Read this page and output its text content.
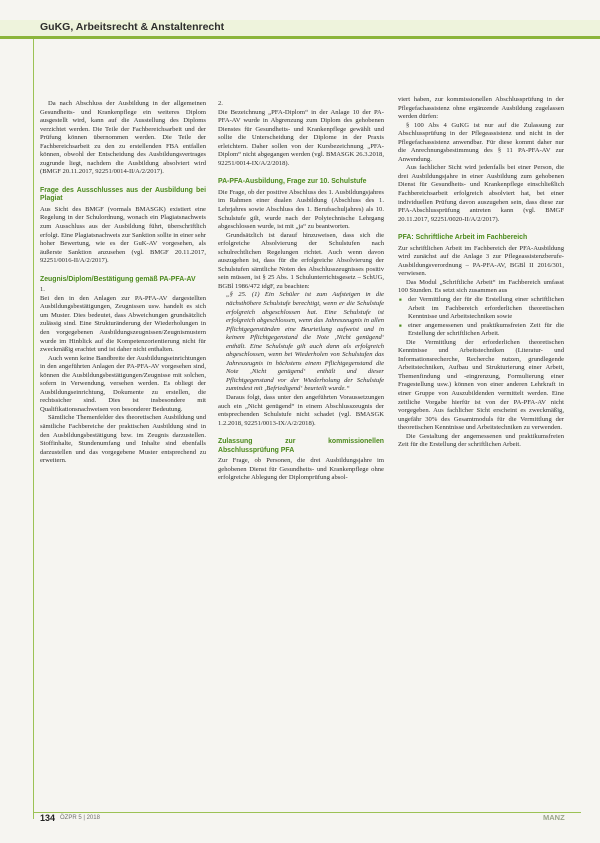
GuKG, Arbeitsrecht & Anstaltenrecht

Da nach Abschluss der Ausbildung in der allgemeinen Gesundheits- und Krankenpflege ein weiteres Diplom ausgestellt wird, kann auf die Ausstellung des Diploms verzichtet werden. Die Teile der Fachbereichsarbeit und der Prüfung können übernommen werden. Die Teile der Fachbereichsarbeit zu den zu erstellenden FBA entfallen können, obwohl der Entscheidung des Ausbildungsvertrages zugrunde liegt, nachdem die Ausbildung absolviert wird (BMGF 20.11.2017, 92251/0014-II/A/2/2017).

Frage des Ausschlusses aus der Ausbildung bei Plagiat

Aus Sicht des BMGF (vormals BMASGK) existiert eine Regelung in der Schulordnung, wonach ein Plagiatsnachweis zum Ausschluss aus der Ausbildung führt, überschriftlich erfolgt. Eine Plagiatsnachweis zur Sanktion sollte in einer sehr hoher Bewertung, wie es der GuK-AV vorgesehen, als äußerste Sanktion anzusehen (vgl. BMGF 20.11.2017, 92251/0016-II/A/2/2017).

Zeugnis/Diplom/Bestätigung gemäß PA-PFA-AV
1.

Bei den in den Anlagen zur PA-PFA-AV dargestellten Ausbildungsbestätigungen, Zeugnissen usw. handelt es sich um Muster. Dies bedeutet, dass Abweichungen grundsätzlich zulässig sind. Eine Strukturänderung der Wiederholungen in den vorgegebenen Ausbildungszeugnissen/Zeugnismustern wurde im Hinblick auf die Kompetenzorientierung nicht für zweckmäßig erachtet und ist daher nicht enthalten.

Auch wenn keine Bandbreite der Ausbildungseinrichtungen in den angeführten Anlagen der PA-PFA-AV vorgesehen sind, können die Ausbildungsbestätigungen/Zeugnisse mit solchen, sofern in Verwendung, versehen werden. Es obliegt der Ausbildungseinrichtung, Dokumente zu erstellen, die rechtssicher sind. Dies ist insbesondere mit Qualifikationsnachweisen von besonderer Bedeutung.

Sämtliche Themenfelder des theoretischen Ausbildung und sämtliche Fachbereiche der praktischen Ausbildung sind in den Ausbildungsbestätigung bzw. im Zeugnis darzustellen. Stoffinhalte, Stundenumfang und Inhalte sind ebenfalls darzustellen und das vorgegebene Muster entsprechend zu erweitern.

2.

Die Bezeichnung „PFA-Diplom“ in der Anlage 10 der PA-PFA-AV wurde in Abgrenzung zum Diplom des gehobenen Dienstes für Gesundheits- und Krankenpflege gewählt und sollte die Unterscheidung der Diplome in der Praxis erleichtern. Daher sollen von der Kursbezeichnung „PFA-Diplom“ nicht abgegangen werden (vgl. BMASGK 26.3.2018, 92251/0014-IX/A/2/2018).

PA-PFA-Ausbildung, Frage zur 10. Schulstufe

Die Frage, ob der positive Abschluss des 1. Ausbildungsjahres im Rahmen einer dualen Ausbildung (Abschluss des 1. Lehrjahres sowie Abschluss des 1. Berufsschuljahres) als 10. Schulstufe gilt, wurde nach der Polytechnische Lehrgang abgeschlossen wurde, ist mit „ja“ zu beantworten.

Grundsätzlich ist darauf hinzuweisen, dass sich die erfolgreiche Absolvierung der Schulstufen nach schulrechtlichen Regelungen richtet. Auch wenn davon auszugehen ist, dass für die erfolgreiche Absolvierung der Schulstufen sämtliche Noten des Abschlusszeugnisses positiv sein müssen, ist § 25 Abs. 1 Schulunterrichtsgesetz – SchUG, BGBl 1986/472 idgF, zu beachten:

„§ 25. (1) Ein Schüler ist zum Aufsteigen in die nächsthöhere Schulstufe berechtigt, wenn er die Schulstufe erfolgreich abgeschlossen hat. Eine Schulstufe ist erfolgreich abgeschlossen, wenn das Jahreszeugnis in allen Pflichtgegenständen eine Beurteilung aufweist und in keinem Pflichtgegenstand die Note ‚Nicht genügend‘ enthält. Eine Schulstufe gilt auch dann als erfolgreich abgeschlossen, wenn bei Wiederholen von Schulstufen das Jahreszeugnis in höchstens einem Pflichtgegenstand die Note ‚Nicht genügend‘ enthält und dieser Pflichtgegenstand vor der Wiederholung der Schulstufe zumindest mit ‚Befriedigend‘ beurteilt wurde.“

Daraus folgt, dass unter den angeführten Voraussetzungen auch ein „Nicht genügend“ in einem Abschlusszeugnis der entsprechenden Schulstufe nicht schadet (vgl. BMASGK 1.2.2018, 92251/0013-IX/A/2/2018).

Zulassung zur kommissionellen Abschlussprüfung PFA

Zur Frage, ob Personen, die drei Ausbildungsjahre im gehobenen Dienst für Gesundheits- und Krankenpflege ohne erfolgreiche Ablegung der Diplomprüfung absol-

viert haben, zur kommissionellen Abschlussprüfung in der Pflegefachassistenz ohne ergänzende Ausbildung zugelassen werden dürfen:

§ 100 Abs 4 GuKG ist nur auf die Zulassung zur Abschlussprüfung in der Pflegeassistenz und nicht in der Pflegefachassistenz anwendbar. Für diese kommt daher nur die Anrechnungsbestimmung des § 11 PA-PFA-AV zur Anwendung.

Aus fachlicher Sicht wird jedenfalls bei einer Person, die drei Ausbildungsjahre in einer Ausbildung zum gehobenen Dienst für Gesundheits- und Krankenpflege einschließlich Fachbereichsarbeit erfolgreich absolviert hat, bei einer individuellen Prüfung davon auszugehen sein, dass diese zur PFA-Abschlussprüfung antreten kann (vgl. BMGF 20.11.2017, 92251/0020-II/A/2/2017).

PFA: Schriftliche Arbeit im Fachbereich

Zur schriftlichen Arbeit im Fachbereich der PFA-Ausbildung wird zunächst auf die Anlage 3 zur Pflegeassistenzberufe-Ausbildungsverordnung – PA-PFA-AV, BGBl II 2016/301, verwiesen.

Das Modul „Schriftliche Arbeit“ im Fachbereich umfasst 100 Stunden. Es setzt sich zusammen aus

■ der Vermittlung der für die Erstellung einer schriftlichen Arbeit im Fachbereich erforderlichen theoretischen Kenntnisse und Arbeitstechniken sowie
■ einer angemessenen und praktikumsfreien Zeit für die Erstellung der schriftlichen Arbeit.

Die Vermittlung der erforderlichen theoretischen Kenntnisse und Arbeitstechniken (Literatur- und Informationsrecherche, Recherche nutzen, grundlegende Arbeitstechniken, Aufbau und Strukturierung einer Arbeit, Themenfindung und -eingrenzung, Formulierung einer Fragestellung usw.) können von einer anderen Lehrkraft in einer Gruppe von Auszubildenden vermittelt werden. Eine zeitliche Vorgabe hierfür ist von der PA-PFA-AV nicht vorgegeben. Aus fachlicher Sicht erscheint es zweckmäßig, ungefähr 30% des Gesamtmoduls für die Vermittlung der theoretischen Kenntnisse und Arbeitstechniken zu verwenden.

Die Gestaltung der angemessenen und praktikumsfreien Zeit für die Erstellung der schriftlichen Arbeit.

134 ÖZPR 5 | 2018	MANZ
